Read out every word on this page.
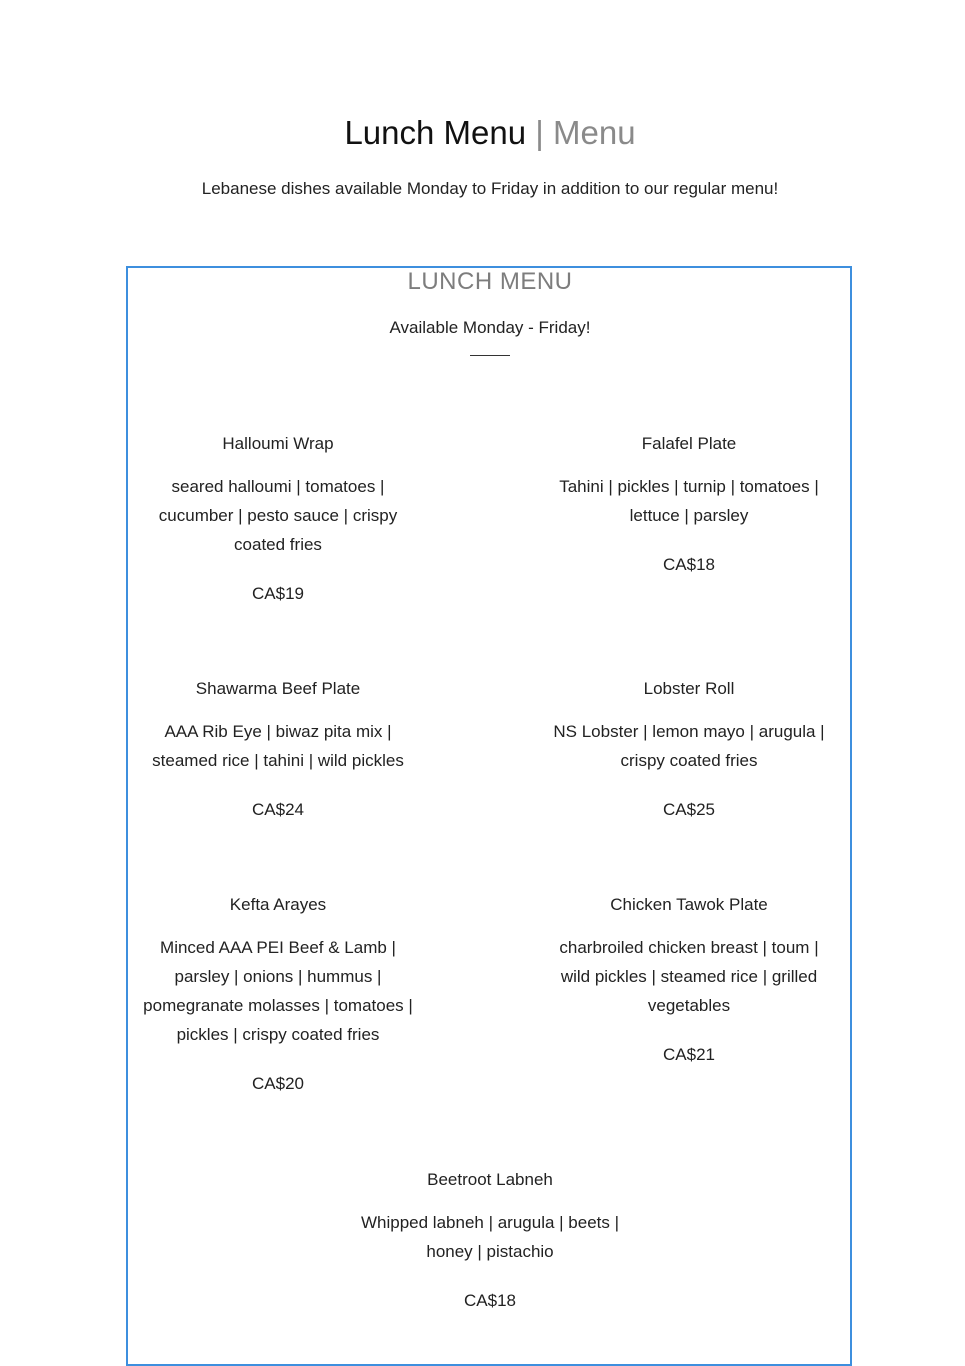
Lunch Menu | Menu
Lebanese dishes available Monday to Friday in addition to our regular menu!
LUNCH MENU
Available Monday - Friday!
Halloumi Wrap
seared halloumi | tomatoes |
cucumber | pesto sauce | crispy
coated fries
CA$19
Falafel Plate
Tahini | pickles | turnip | tomatoes |
lettuce | parsley
CA$18
Shawarma Beef Plate
AAA Rib Eye | biwaz pita mix |
steamed rice | tahini | wild pickles
CA$24
Lobster Roll
NS Lobster | lemon mayo | arugula |
crispy coated fries
CA$25
Kefta Arayes
Minced AAA PEI Beef & Lamb |
parsley | onions | hummus |
pomegranate molasses | tomatoes |
pickles | crispy coated fries
CA$20
Chicken Tawok Plate
charbroiled chicken breast | toum |
wild pickles | steamed rice | grilled
vegetables
CA$21
Beetroot Labneh
Whipped labneh | arugula | beets |
honey | pistachio
CA$18
